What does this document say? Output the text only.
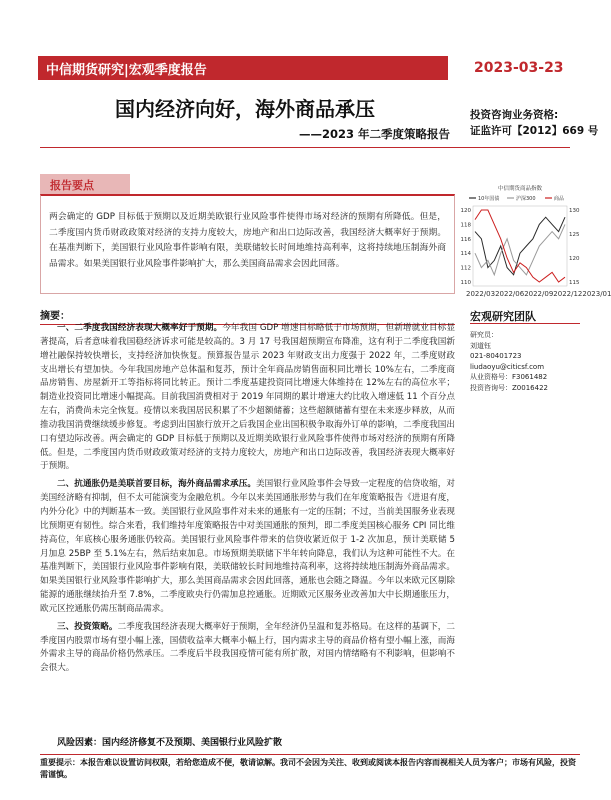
中信期货研究|宏观季度报告	2023-03-23
国内经济向好，海外商品承压
——2023 年二季度策略报告
投资咨询业务资格:
证监许可【2012】669 号
报告要点
两会确定的 GDP 目标低于预期以及近期美欧银行业风险事件使得市场对经济的预期有所降低。但是，二季度国内货币财政政策对经济的支持力度较大，房地产和出口边际改善，我国经济大概率好于预期。在基准判断下，美国银行业风险事件影响有限，美联储较长时间地维持高利率，这将持续地压制海外商品需求。如果美国银行业风险事件影响扩大，那么美国商品需求会因此回落。
中信期货商品指数
10年国债	沪深300	商品
120
118
116
114
112
110
130
125
120
115
2022/03 2022/06 2022/09 2022/12 2023/01
摘要：

一、二季度我国经济表现大概率好于预期。今年我国 GDP 增速目标略低于市场预期，但新增就业目标显著提高，后者意味着我国稳经济诉求可能是较高的。3 月 17 号我国超预期宣布降准，这有利于二季度我国新增社融保持较快增长，支持经济加快恢复。预算报告显示 2023 年财政支出力度强于 2022 年，二季度财政支出增长有望加快。今年我国房地产总体温和复苏，预计全年商品房销售面积同比增长 10%左右，二季度商品房销售、房屋新开工等指标将同比转正。预计二季度基建投资同比增速大体维持在 12%左右的高位水平；制造业投资同比增速小幅提高。目前我国消费相对于 2019 年同期的累计增速大约比收入增速低 11 个百分点左右，消费尚未完全恢复。疫情以来我国居民积累了不少超额储蓄；这些超额储蓄有望在未来逐步释放，从而推动我国消费继续缓步修复。考虑到出国旅行放开之后我国企业出国积极争取海外订单的影响，二季度我国出口有望边际改善。两会确定的 GDP 目标低于预期以及近期美欧银行业风险事件使得市场对经济的预期有所降低。但是，二季度国内货币财政政策对经济的支持力度较大，房地产和出口边际改善，我国经济表现大概率好于预期。

二、抗通胀仍是美联首要目标，海外商品需求承压。美国银行业风险事件会导致一定程度的信贷收缩，对美国经济略有抑制，但不太可能演变为金融危机。今年以来美国通胀形势与我们在年度策略报告《进退有度，内外分化》中的判断基本一致。美国银行业风险事件对未来的通胀有一定的压制；不过，当前美国服务业表现比预期更有韧性。综合来看，我们维持年度策略报告中对美国通胀的预判，即二季度美国核心服务 CPI 同比维持高位，年底核心服务通胀仍较高。美国银行业风险事件带来的信贷收紧近似于 1-2 次加息，预计美联储 5 月加息 25BP 至 5.1%左右，然后结束加息。市场预期美联储下半年转向降息，我们认为这种可能性不大。在基准判断下，美国银行业风险事件影响有限，美联储较长时间地维持高利率，这将持续地压制海外商品需求。如果美国银行业风险事件影响扩大，那么美国商品需求会因此回落，通胀也会随之降温。今年以来欧元区剔除能源的通胀继续抬升至 7.8%，二季度欧央行仍需加息控通胀。近期欧元区服务业改善加大中长期通胀压力，欧元区控通胀仍需压制商品需求。

三、投资策略。二季度我国经济表现大概率好于预期，全年经济仍呈温和复苏格局。在这样的基调下，二季度国内股票市场有望小幅上涨，国债收益率大概率小幅上行，国内需求主导的商品价格有望小幅上涨，而海外需求主导的商品价格仍然承压。二季度后半段我国疫情可能有所扩散，对国内情绪略有不利影响，但影响不会很大。

风险因素：国内经济修复不及预期、美国银行业风险扩散
宏观研究团队
研究员：
刘道钰
021-80401723
liudaoyu@citicsf.com
从业资格号：F3061482
投资咨询号：Z0016422
重要提示：本报告难以设置访问权限，若给您造成不便，敬请谅解。我司不会因为关注、收到或阅读本报告内容而视相关人员为客户；市场有风险，投资需谨慎。
